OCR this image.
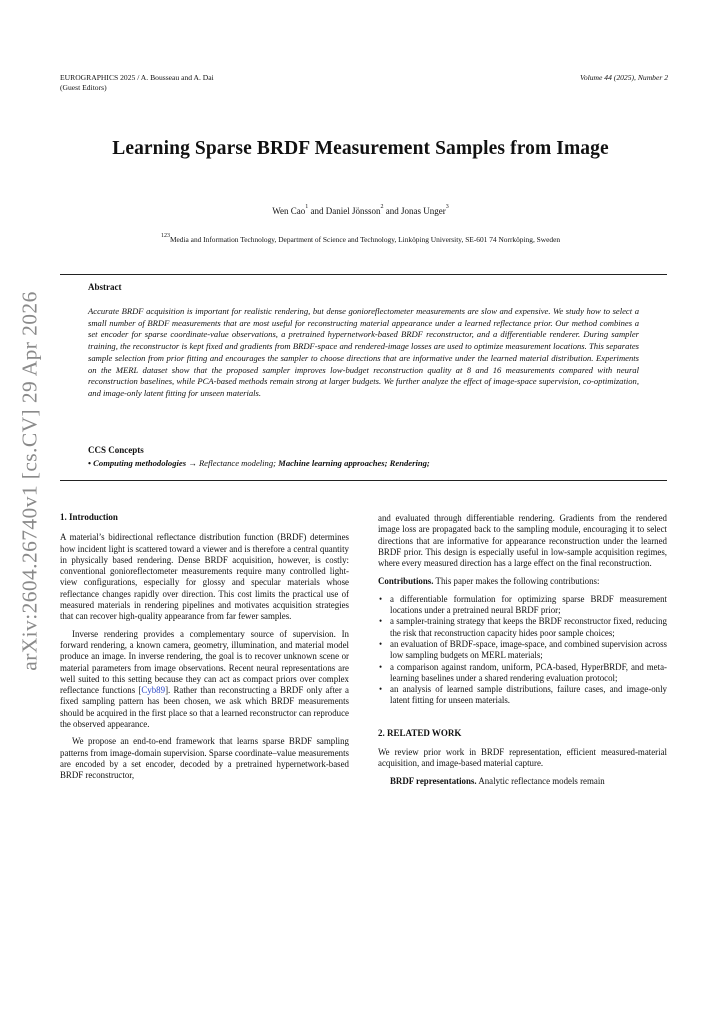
EUROGRAPHICS 2025 / A. Bousseau and A. Dai
(Guest Editors)
Volume 44 (2025), Number 2
Learning Sparse BRDF Measurement Samples from Image
Wen Cao$^1$ and Daniel Jönsson$^2$ and Jonas Unger$^3$
$^{123}$Media and Information Technology, Department of Science and Technology, Linköping University, SE-601 74 Norrköping, Sweden
Abstract
Accurate BRDF acquisition is important for realistic rendering, but dense gonioreflectometer measurements are slow and expensive. We study how to select a small number of BRDF measurements that are most useful for reconstructing material appearance under a learned reflectance prior. Our method combines a set encoder for sparse coordinate-value observations, a pretrained hypernetwork-based BRDF reconstructor, and a differentiable renderer. During sampler training, the reconstructor is kept fixed and gradients from BRDF-space and rendered-image losses are used to optimize measurement locations. This separates sample selection from prior fitting and encourages the sampler to choose directions that are informative under the learned material distribution. Experiments on the MERL dataset show that the proposed sampler improves low-budget reconstruction quality at 8 and 16 measurements compared with neural reconstruction baselines, while PCA-based methods remain strong at larger budgets. We further analyze the effect of image-space supervision, co-optimization, and image-only latent fitting for unseen materials.
CCS Concepts
• Computing methodologies → Reflectance modeling; Machine learning approaches; Rendering;
arXiv:2604.26740v1 [cs.CV] 29 Apr 2026 1. Introduction

A material’s bidirectional reflectance distribution function (BRDF) determines how incident light is scattered toward a viewer and is therefore a central quantity in physically based rendering. Dense BRDF acquisition, however, is costly: conventional gonioreflectometer measurements require many controlled light-view configurations, especially for glossy and specular materials whose reflectance changes rapidly over direction. This cost limits the practical use of measured materials in rendering pipelines and motivates acquisition strategies that can recover high-quality appearance from far fewer samples.

Inverse rendering provides a complementary source of supervision. In forward rendering, a known camera, geometry, illumination, and material model produce an image. In inverse rendering, the goal is to recover unknown scene or material parameters from image observations. Recent neural representations are well suited to this setting because they can act as compact priors over complex reflectance functions [Cyb89]. Rather than reconstructing a BRDF only after a fixed sampling pattern has been chosen, we ask which BRDF measurements should be acquired in the first place so that a learned reconstructor can reproduce the observed appearance.

We propose an end-to-end framework that learns sparse BRDF sampling patterns from image-domain supervision. Sparse coordinate–value measurements are encoded by a set encoder, decoded by a pretrained hypernetwork-based BRDF reconstructor,

and evaluated through differentiable rendering. Gradients from the rendered image loss are propagated back to the sampling module, encouraging it to select directions that are informative for appearance reconstruction under the learned BRDF prior. This design is especially useful in low-sample acquisition regimes, where every measured direction has a large effect on the final reconstruction.

Contributions. This paper makes the following contributions:

• a differentiable formulation for optimizing sparse BRDF measurement locations under a pretrained neural BRDF prior;
• a sampler-training strategy that keeps the BRDF reconstructor fixed, reducing the risk that reconstruction capacity hides poor sample choices;
• an evaluation of BRDF-space, image-space, and combined supervision across low sampling budgets on MERL materials;
• a comparison against random, uniform, PCA-based, HyperBRDF, and meta-learning baselines under a shared rendering evaluation protocol;
• an analysis of learned sample distributions, failure cases, and image-only latent fitting for unseen materials.

2. RELATED WORK

We review prior work in BRDF representation, efficient measured-material acquisition, and image-based material capture.

BRDF representations. Analytic reflectance models remain
